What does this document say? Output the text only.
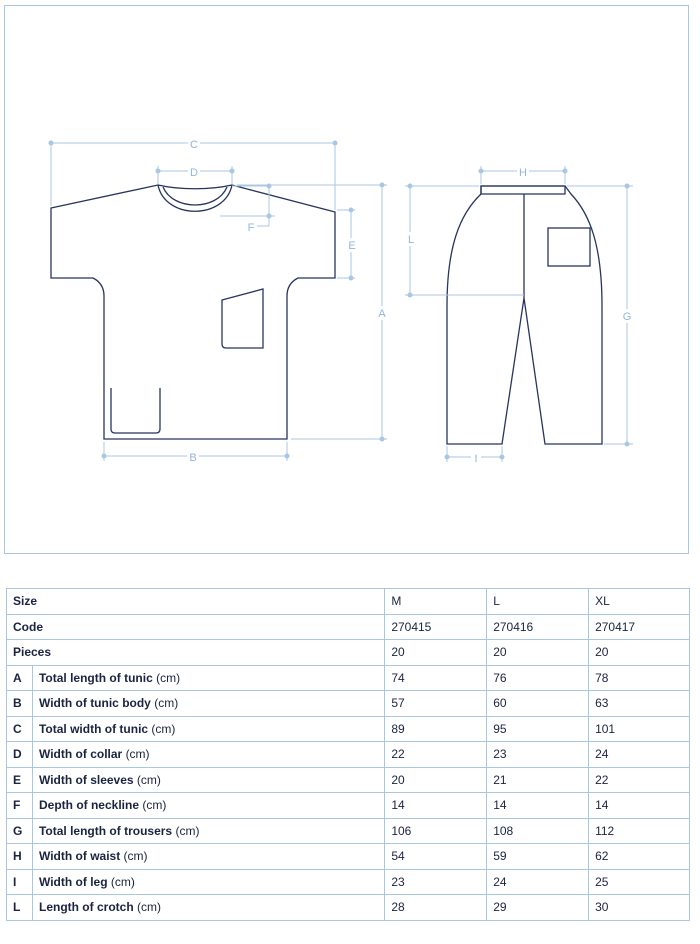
C
D
F
E
A
B
H
L
G
I
Size		M	L	XL
Code		270415	270416	270417
Pieces		20	20	20
A	Total length of tunic (cm)	74	76	78
B	Width of tunic body (cm)	57	60	63
C	Total width of tunic (cm)	89	95	101
D	Width of collar (cm)	22	23	24
E	Width of sleeves (cm)	20	21	22
F	Depth of neckline (cm)	14	14	14
G	Total length of trousers (cm)	106	108	112
H	Width of waist (cm)	54	59	62
I	Width of leg (cm)	23	24	25
L	Length of crotch (cm)	28	29	30
